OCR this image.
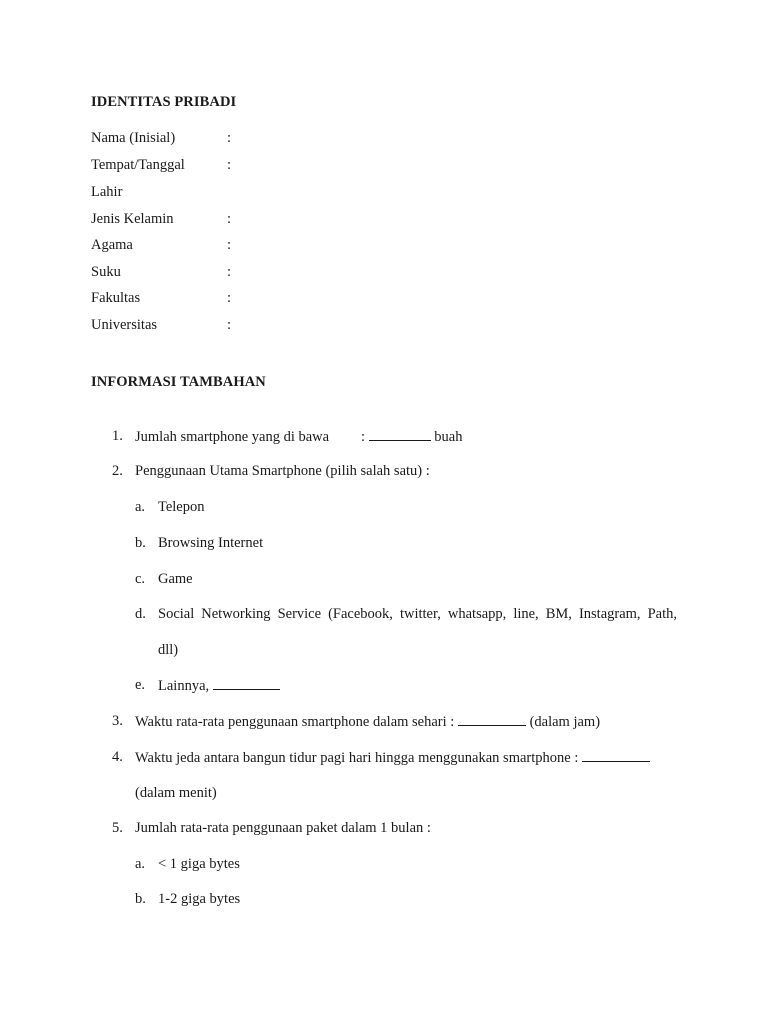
IDENTITAS PRIBADI
Nama (Inisial)	:
Tempat/Tanggal	:
Lahir
Jenis Kelamin	:
Agama	:
Suku	:
Fakultas	:
Universitas	:
INFORMASI TAMBAHAN
1. Jumlah smartphone yang di bawa :	buah
2. Penggunaan Utama Smartphone (pilih salah satu) :
a. Telepon
b. Browsing Internet
c. Game
d. Social Networking Service (Facebook, twitter, whatsapp, line, BM, Instagram, Path,
dll)
e. Lainnya,
3. Waktu rata-rata penggunaan smartphone dalam sehari :	(dalam jam)
4. Waktu jeda antara bangun tidur pagi hari hingga menggunakan smartphone :
(dalam menit)
5. Jumlah rata-rata penggunaan paket dalam 1 bulan :
a. < 1 giga bytes
b. 1-2 giga bytes
